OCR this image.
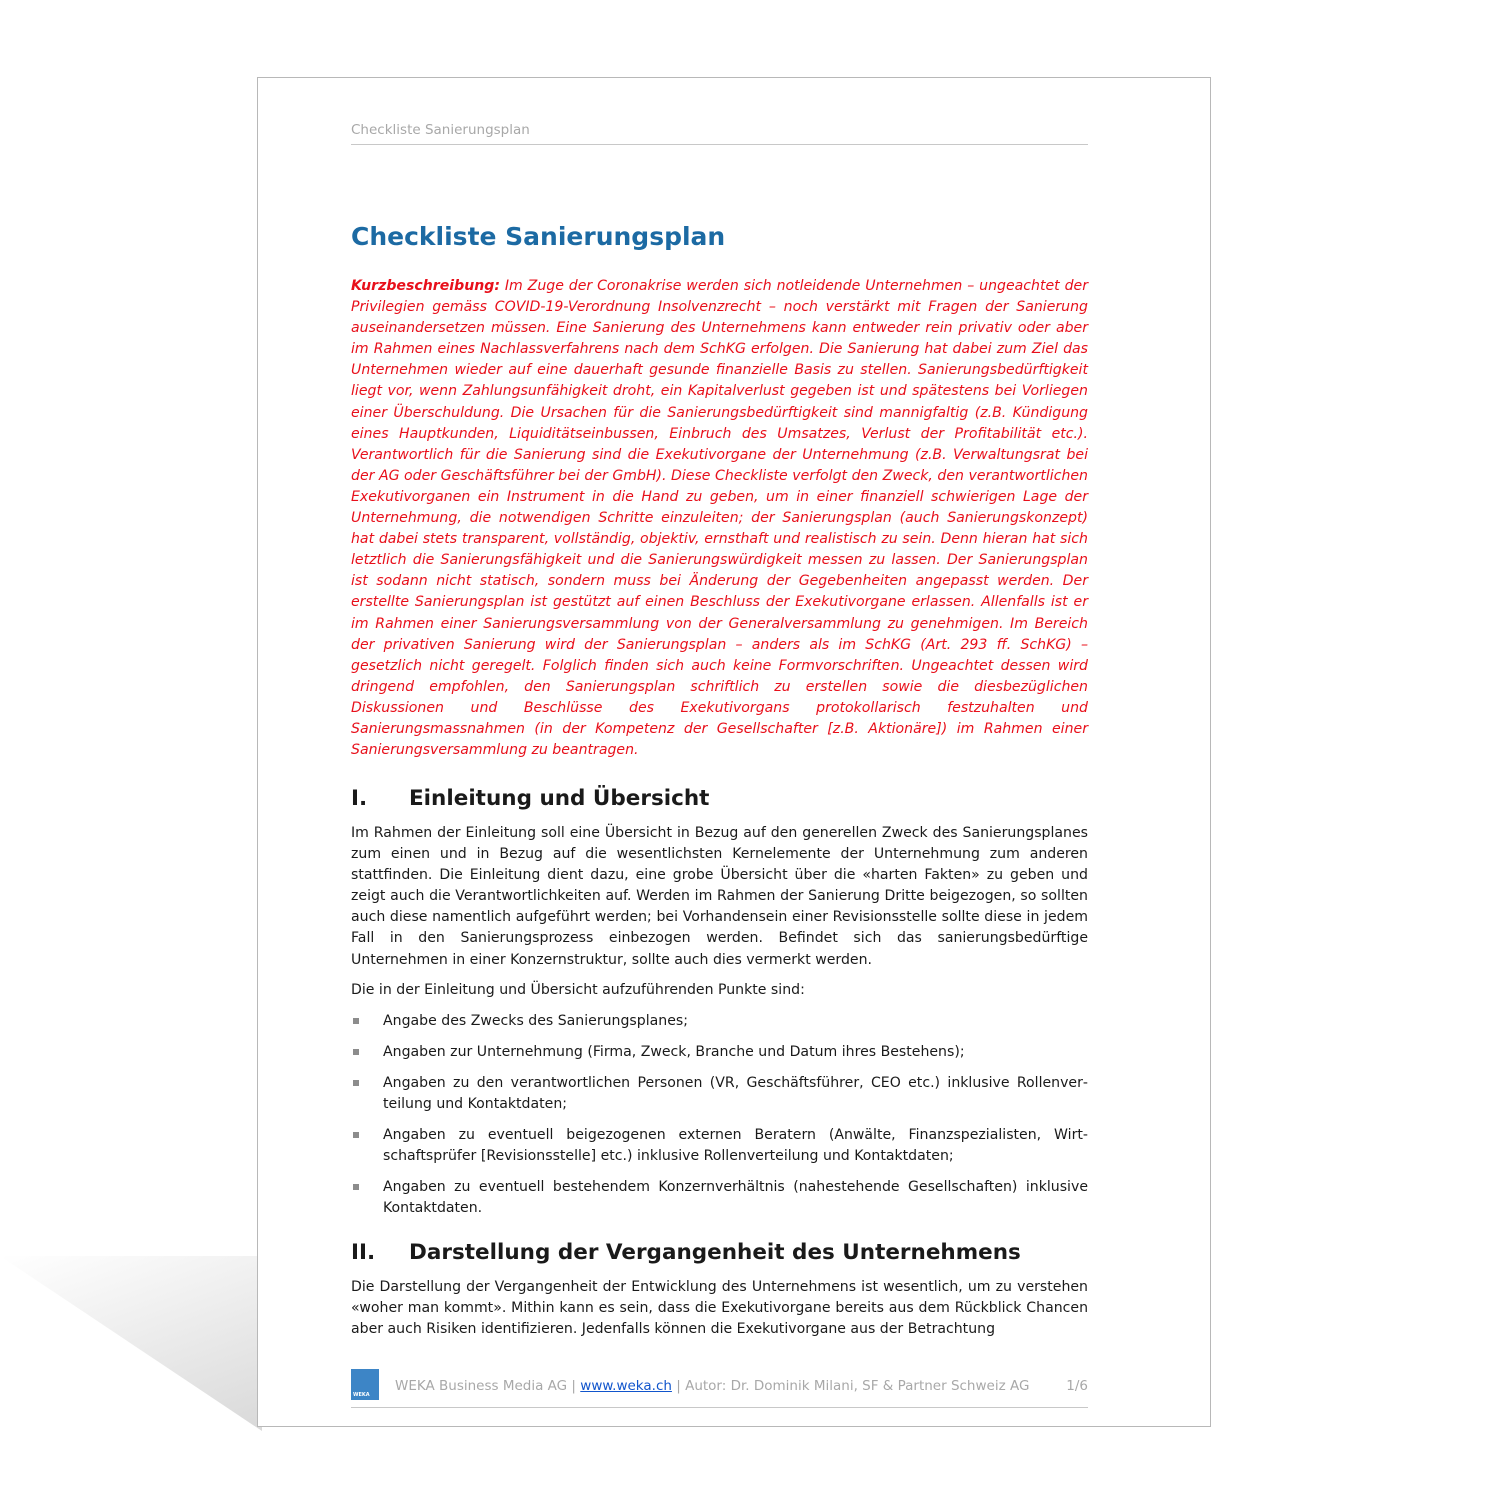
Checkliste Sanierungsplan
Checkliste Sanierungsplan

Kurzbeschreibung: Im Zuge der Coronakrise werden sich notleidende Unternehmen – ungeachtet der Privilegien gemäss COVID-19-Verordnung Insolvenzrecht – noch verstärkt mit Fragen der Sanierung auseinandersetzen müssen. Eine Sanierung des Unternehmens kann entweder rein privativ oder aber im Rahmen eines Nachlassverfahrens nach dem SchKG erfolgen. Die Sanierung hat dabei zum Ziel das Unternehmen wieder auf eine dauerhaft gesunde finanzielle Basis zu stellen. Sanierungsbedürftigkeit liegt vor, wenn Zahlungsunfähigkeit droht, ein Kapitalverlust gegeben ist und spätestens bei Vorliegen einer Überschuldung. Die Ursachen für die Sanierungsbedürftigkeit sind mannigfaltig (z.B. Kündigung eines Hauptkunden, Liquiditätseinbussen, Einbruch des Umsatzes, Verlust der Profitabilität etc.). Verantwortlich für die Sanierung sind die Exekutivorgane der Unternehmung (z.B. Verwaltungsrat bei der AG oder Geschäftsführer bei der GmbH). Diese Checkliste verfolgt den Zweck, den verantwortlichen Exekutivorganen ein Instrument in die Hand zu geben, um in einer finanziell schwierigen Lage der Unternehmung, die notwendigen Schritte einzuleiten; der Sanierungsplan (auch Sanierungskonzept) hat dabei stets transparent, vollständig, objektiv, ernsthaft und realistisch zu sein. Denn hieran hat sich letztlich die Sanierungsfähigkeit und die Sanierungswürdigkeit messen zu lassen. Der Sanierungsplan ist sodann nicht statisch, sondern muss bei Änderung der Gegebenheiten angepasst werden. Der erstellte Sanierungsplan ist gestützt auf einen Beschluss der Exekutivorgane erlassen. Allenfalls ist er im Rahmen einer Sanierungsversammlung von der Generalversammlung zu genehmigen. Im Bereich der privativen Sanierung wird der Sanierungsplan – anders als im SchKG (Art. 293 ff. SchKG) – gesetzlich nicht geregelt. Folglich finden sich auch keine Formvorschriften. Ungeachtet dessen wird dringend empfohlen, den Sanierungsplan schriftlich zu erstellen sowie die diesbezüglichen Diskussionen und Beschlüsse des Exekutivorgans protokollarisch festzuhalten und Sanierungsmassnahmen (in der Kompetenz der Gesellschafter [z.B. Aktionäre]) im Rahmen einer Sanierungsversammlung zu beantragen.

I.	Einleitung und Übersicht

Im Rahmen der Einleitung soll eine Übersicht in Bezug auf den generellen Zweck des Sanierungsplanes zum einen und in Bezug auf die wesentlichsten Kernelemente der Unternehmung zum anderen stattfinden. Die Einleitung dient dazu, eine grobe Übersicht über die «harten Fakten» zu geben und zeigt auch die Verantwortlichkeiten auf. Werden im Rahmen der Sanierung Dritte beigezogen, so sollten auch diese namentlich aufgeführt werden; bei Vorhandensein einer Revisionsstelle sollte diese in jedem Fall in den Sanierungsprozess einbezogen werden. Befindet sich das sanierungsbedürftige Unternehmen in einer Konzernstruktur, sollte auch dies vermerkt werden.

Die in der Einleitung und Übersicht aufzuführenden Punkte sind:

Angabe des Zwecks des Sanierungsplanes;
Angaben zur Unternehmung (Firma, Zweck, Branche und Datum ihres Bestehens);
Angaben zu den verantwortlichen Personen (VR, Geschäftsführer, CEO etc.) inklusive Rollenverteilung und Kontaktdaten;
Angaben zu eventuell beigezogenen externen Beratern (Anwälte, Finanzspezialisten, Wirtschaftsprüfer [Revisionsstelle] etc.) inklusive Rollenverteilung und Kontaktdaten;
Angaben zu eventuell bestehendem Konzernverhältnis (nahestehende Gesellschaften) inklusive Kontaktdaten.
II.	Darstellung der Vergangenheit des Unternehmens

Die Darstellung der Vergangenheit der Entwicklung des Unternehmens ist wesentlich, um zu verstehen «woher man kommt». Mithin kann es sein, dass die Exekutivorgane bereits aus dem Rückblick Chancen aber auch Risiken identifizieren. Jedenfalls können die Exekutivorgane aus der Betrachtung

WEKA
WEKA Business Media AG | www.weka.ch | Autor: Dr. Dominik Milani, SF & Partner Schweiz AG	1/6
